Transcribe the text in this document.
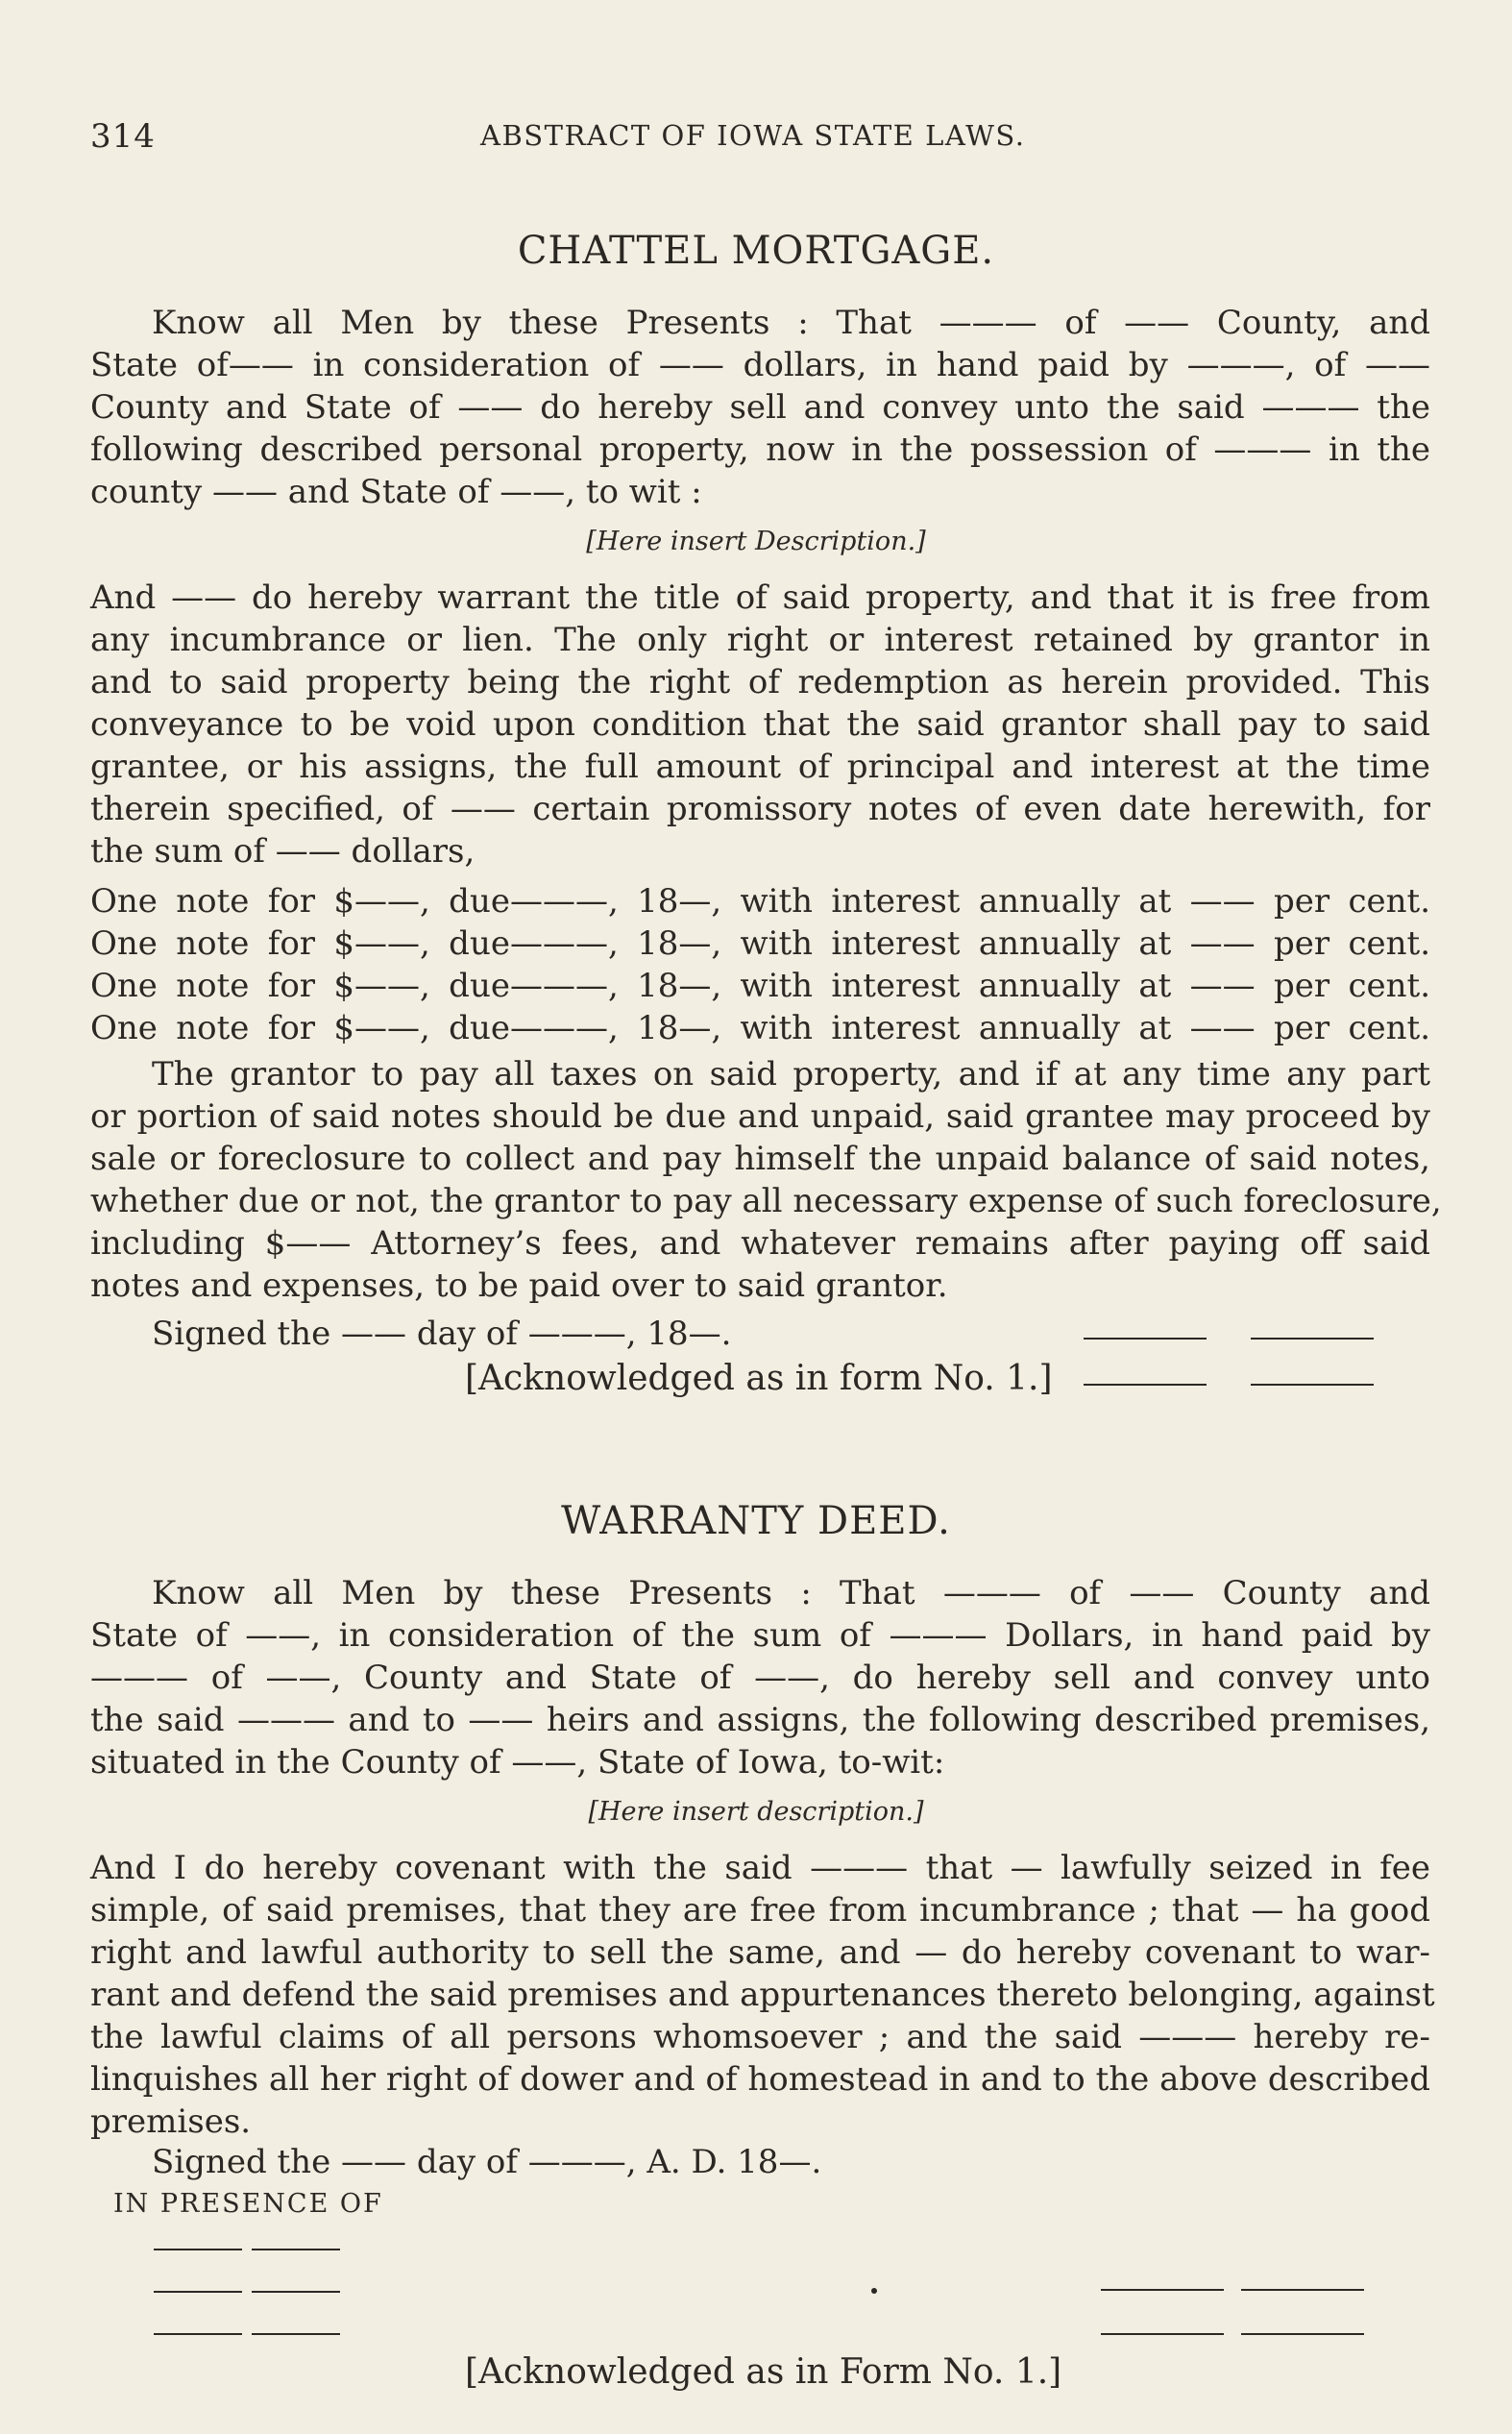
314	ABSTRACT OF IOWA STATE LAWS.
CHATTEL MORTGAGE.
Know all Men by these Presents : That ——— of —— County, and
State of—— in consideration of —— dollars, in hand paid by ———, of ——
County and State of —— do hereby sell and convey unto the said ——— the
following described personal property, now in the possession of ——— in the
county —— and State of ——, to wit :
[Here insert Description.]
And —— do hereby warrant the title of said property, and that it is free from
any incumbrance or lien. The only right or interest retained by grantor in
and to said property being the right of redemption as herein provided. This
conveyance to be void upon condition that the said grantor shall pay to said
grantee, or his assigns, the full amount of principal and interest at the time
therein specified, of —— certain promissory notes of even date herewith, for
the sum of —— dollars,
One note for $——, due———, 18—, with interest annually at —— per cent.
One note for $——, due———, 18—, with interest annually at —— per cent.
One note for $——, due———, 18—, with interest annually at —— per cent.
One note for $——, due———, 18—, with interest annually at —— per cent.
The grantor to pay all taxes on said property, and if at any time any part
or portion of said notes should be due and unpaid, said grantee may proceed by
sale or foreclosure to collect and pay himself the unpaid balance of said notes,
whether due or not, the grantor to pay all necessary expense of such foreclosure,
including $—— Attorney’s fees, and whatever remains after paying off said
notes and expenses, to be paid over to said grantor.
Signed the —— day of ———, 18—.
[Acknowledged as in form No. 1.]
WARRANTY DEED.
Know all Men by these Presents : That ——— of —— County and
State of ——, in consideration of the sum of ——— Dollars, in hand paid by
——— of ——, County and State of ——, do hereby sell and convey unto
the said ——— and to —— heirs and assigns, the following described premises,
situated in the County of ——, State of Iowa, to-wit:
[Here insert description.]
And I do hereby covenant with the said ——— that — lawfully seized in fee
simple, of said premises, that they are free from incumbrance ; that — ha good
right and lawful authority to sell the same, and — do hereby covenant to war-
rant and defend the said premises and appurtenances thereto belonging, against
the lawful claims of all persons whomsoever ; and the said ——— hereby re-
linquishes all her right of dower and of homestead in and to the above described
premises.
Signed the —— day of ———, A. D. 18—.
IN PRESENCE OF
[Acknowledged as in Form No. 1.]
